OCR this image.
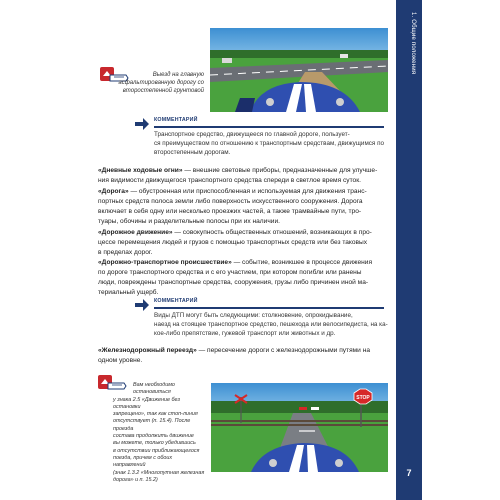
1. Общие положения
7
Выезд на главную асфальтированную дорогу со второстепенной грунтовой
КОММЕНТАРИЙ
Транспортное средство, движущееся по главной дороге, пользует-
ся преимуществом по отношению к транспортным средствам, движущимся по
второстепенным дорогам.
«Дневные ходовые огни» — внешние световые приборы, предназначенные для улучше-
ния видимости движущегося транспортного средства спереди в светлое время суток.
«Дорога» — обустроенная или приспособленная и используемая для движения транс-
портных средств полоса земли либо поверхность искусственного сооружения. Дорога
включает в себя одну или несколько проезжих частей, а также трамвайные пути, тро-
туары, обочины и разделительные полосы при их наличии.
«Дорожное движение» — совокупность общественных отношений, возникающих в про-
цессе перемещения людей и грузов с помощью транспортных средств или без таковых
в пределах дорог.
«Дорожно-транспортное происшествие» — событие, возникшее в процессе движения
по дороге транспортного средства и с его участием, при котором погибли или ранены
люди, повреждены транспортные средства, сооружения, грузы либо причинен иной ма-
териальный ущерб.
КОММЕНТАРИЙ
Виды ДТП могут быть следующими: столкновение, опрокидывание,
наезд на стоящее транспортное средство, пешехода или велосипедиста, на ка-
кое-либо препятствие, гужевой транспорт или животных и др.
«Железнодорожный переезд» — пересечение дороги с железнодорожными путями на
одном уровне.
Вам необходимо
остановиться
у знака 2.5 «Движение без остановки
запрещено», так как стоп-линия
отсутствует (п. 15.4). После проезда
состава продолжить движение
вы можете, только убедившись
в отсутствии приближающегося
поезда, причем с обоих направлений
(знак 1.3.2 «Многопутная железная
дорога» и п. 15.2)
STOP
